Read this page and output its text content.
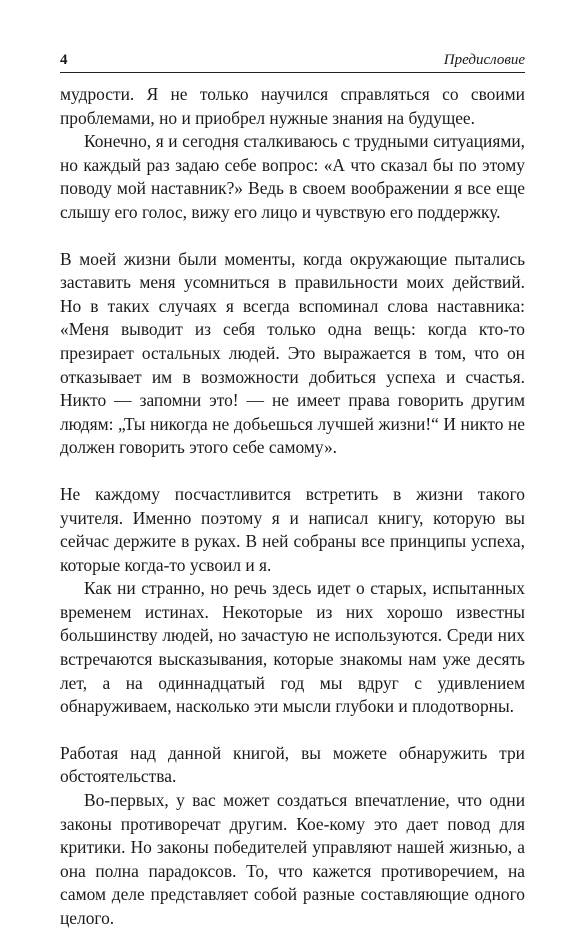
4	Предисловие

мудрости. Я не только научился справляться со своими проблемами, но и приобрел нужные знания на будущее.

Конечно, я и сегодня сталкиваюсь с трудными ситуациями, но каждый раз задаю себе вопрос: «А что сказал бы по этому поводу мой наставник?» Ведь в своем воображении я все еще слышу его голос, вижу его лицо и чувствую его поддержку.

В моей жизни были моменты, когда окружающие пытались заставить меня усомниться в правильности моих действий. Но в таких случаях я всегда вспоминал слова наставника: «Меня выводит из себя только одна вещь: когда кто-то презирает остальных людей. Это выражается в том, что он отказывает им в возможности добиться успеха и счастья. Никто — запомни это! — не имеет права говорить другим людям: „Ты никогда не добьешься лучшей жизни!“ И никто не должен говорить этого себе самому».

Не каждому посчастливится встретить в жизни такого учителя. Именно поэтому я и написал книгу, которую вы сейчас держите в руках. В ней собраны все принципы успеха, которые когда-то усвоил и я.

Как ни странно, но речь здесь идет о старых, испытанных временем истинах. Некоторые из них хорошо известны большинству людей, но зачастую не используются. Среди них встречаются высказывания, которые знакомы нам уже десять лет, а на одиннадцатый год мы вдруг с удивлением обнаруживаем, насколько эти мысли глубоки и плодотворны.

Работая над данной книгой, вы можете обнаружить три обстоятельства.

Во-первых, у вас может создаться впечатление, что одни законы противоречат другим. Кое-кому это дает повод для критики. Но законы победителей управляют нашей жизнью, а она полна парадоксов. То, что кажется противоречием, на самом деле представляет собой разные составляющие одного целого.
